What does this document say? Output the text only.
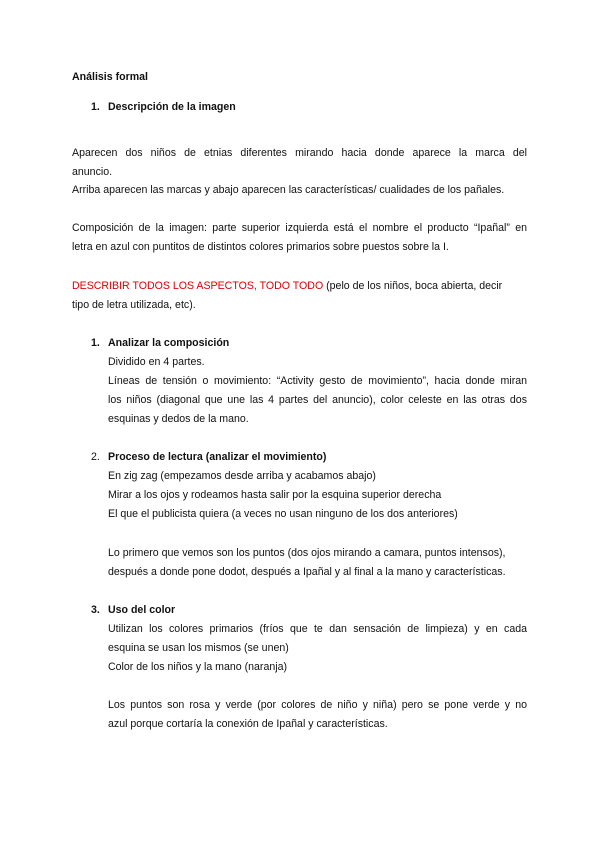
Análisis formal
1. Descripción de la imagen
Aparecen dos niños de etnias diferentes mirando hacia donde aparece la marca del
anuncio.
Arriba aparecen las marcas y abajo aparecen las características/ cualidades de los pañales.
Composición de la imagen: parte superior izquierda está el nombre el producto “Ipañal” en
letra en azul con puntitos de distintos colores primarios sobre puestos sobre la I.
DESCRIBIR TODOS LOS ASPECTOS, TODO TODO (pelo de los niños, boca abierta, decir
tipo de letra utilizada, etc).
1. Analizar la composición
Dividido en 4 partes.
Líneas de tensión o movimiento: “Activity gesto de movimiento”, hacia donde miran
los niños (diagonal que une las 4 partes del anuncio), color celeste en las otras dos
esquinas y dedos de la mano.
2. Proceso de lectura (analizar el movimiento)
En zig zag (empezamos desde arriba y acabamos abajo)
Mirar a los ojos y rodeamos hasta salir por la esquina superior derecha
El que el publicista quiera (a veces no usan ninguno de los dos anteriores)
Lo primero que vemos son los puntos (dos ojos mirando a camara, puntos intensos),
después a donde pone dodot, después a Ipañal y al final a la mano y características.
3. Uso del color
Utilizan los colores primarios (fríos que te dan sensación de limpieza) y en cada
esquina se usan los mismos (se unen)
Color de los niños y la mano (naranja)
Los puntos son rosa y verde (por colores de niño y niña) pero se pone verde y no
azul porque cortaría la conexión de Ipañal y características.
